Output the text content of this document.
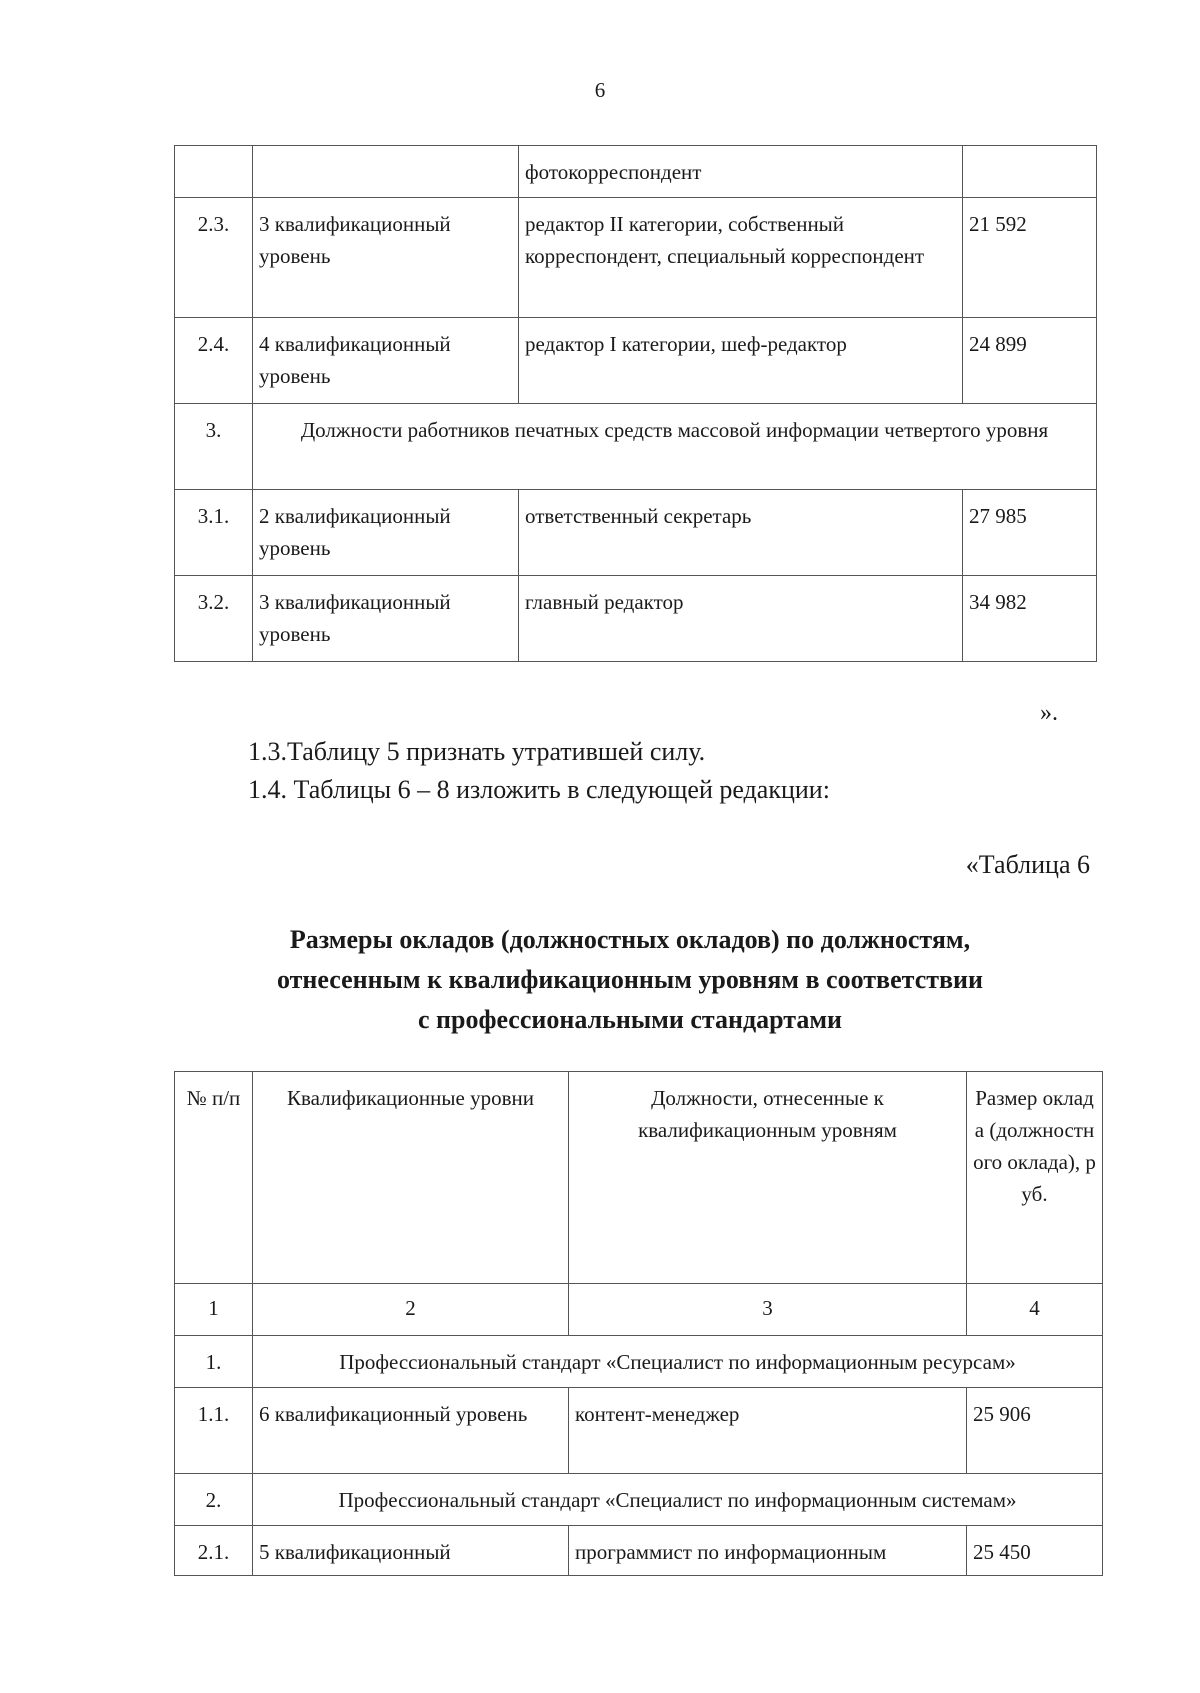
6
		фотокорреспондент	
2.3.	3 квалификационный уровень	редактор II категории, собственный корреспондент, специальный корреспондент	21 592
2.4.	4 квалификационный уровень	редактор I категории, шеф-редактор	24 899
3.	Должности работников печатных средств массовой информации четвертого уровня		
3.1.	2 квалификационный уровень	ответственный секретарь	27 985
3.2.	3 квалификационный уровень	главный редактор	34 982
».
1.3.Таблицу 5 признать утратившей силу.
1.4. Таблицы 6 – 8 изложить в следующей редакции:
«Таблица 6
Размеры окладов (должностных окладов) по должностям,
отнесенным к квалификационным уровням в соответствии
с профессиональными стандартами
№ п/п	Квалификационные уровни	Должности, отнесенные к квалификационным уровням	Размер оклада (должностного оклада), руб.
1	2	3	4
1.	Профессиональный стандарт «Специалист по информационным ресурсам»		
1.1.	6 квалификационный уровень	контент-менеджер	25 906
2.	Профессиональный стандарт «Специалист по информационным системам»		
2.1.	5 квалификационный	программист по информационным	25 450
